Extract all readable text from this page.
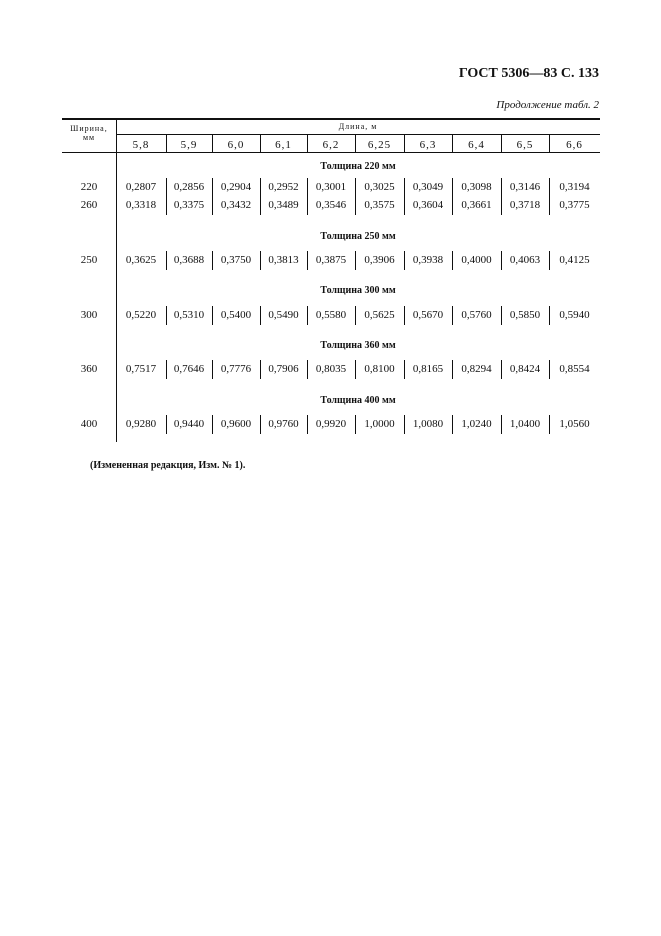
ГОСТ 5306—83 С. 133
Продолжение табл. 2
Ширина,
мм
Длина, м
5,8	5,9	6,0	6,1	6,2	6,25	6,3	6,4	6,5	6,6
Толщина 220 мм
220	0,2807	0,2856	0,2904	0,2952	0,3001	0,3025	0,3049	0,3098	0,3146	0,3194
260	0,3318	0,3375	0,3432	0,3489	0,3546	0,3575	0,3604	0,3661	0,3718	0,3775
Толщина 250 мм
250	0,3625	0,3688	0,3750	0,3813	0,3875	0,3906	0,3938	0,4000	0,4063	0,4125
Толщина 300 мм
300	0,5220	0,5310	0,5400	0,5490	0,5580	0,5625	0,5670	0,5760	0,5850	0,5940
Толщина 360 мм
360	0,7517	0,7646	0,7776	0,7906	0,8035	0,8100	0,8165	0,8294	0,8424	0,8554
Толщина 400 мм
400	0,9280	0,9440	0,9600	0,9760	0,9920	1,0000	1,0080	1,0240	1,0400	1,0560
(Измененная редакция, Изм. № 1).
